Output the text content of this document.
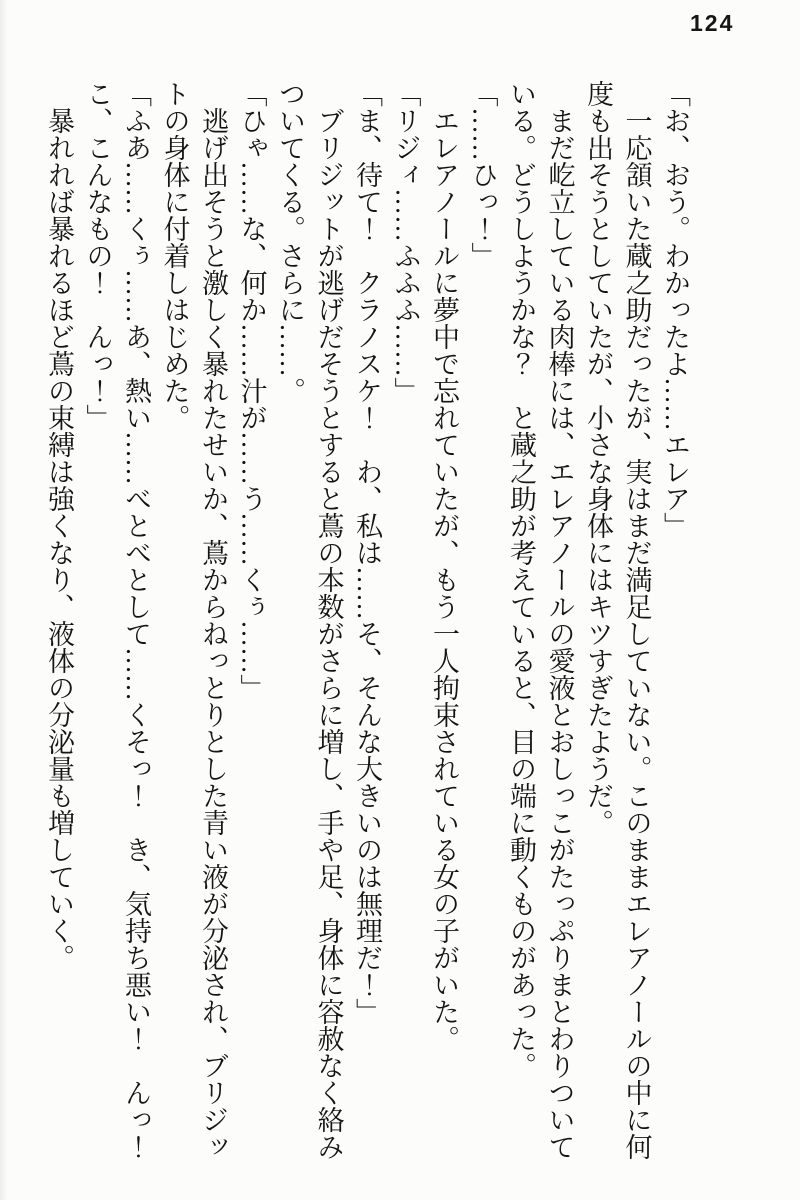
124
「お、おう。わかったよ……エレア」
　一応頷いた蔵之助だったが、実はまだ満足していない。このままエレアノールの中に何
度も出そうとしていたが、小さな身体にはキツすぎたようだ。
　まだ屹立している肉棒には、エレアノールの愛液とおしっこがたっぷりまとわりついて
いる。どうしようかな？　と蔵之助が考えていると、目の端に動くものがあった。
「……ひっ！」
　エレアノールに夢中で忘れていたが、もう一人拘束されている女の子がいた。
「リジィ……ふふふ……」
「ま、待て！　クラノスケ！　わ、私は……そ、そんな大きいのは無理だ！」
　ブリジットが逃げだそうとすると蔦の本数がさらに増し、手や足、身体に容赦なく絡み
ついてくる。さらに……。
「ひゃ……な、何か……汁が……う……くぅ……」
　逃げ出そうと激しく暴れたせいか、蔦からねっとりとした青い液が分泌され、ブリジッ
トの身体に付着しはじめた。
「ふあ……くぅ……あ、熱い……べとべとして……くそっ！　き、気持ち悪い！　んっ！
こ、こんなもの！　んっ！」
　暴れれば暴れるほど蔦の束縛は強くなり、液体の分泌量も増していく。
